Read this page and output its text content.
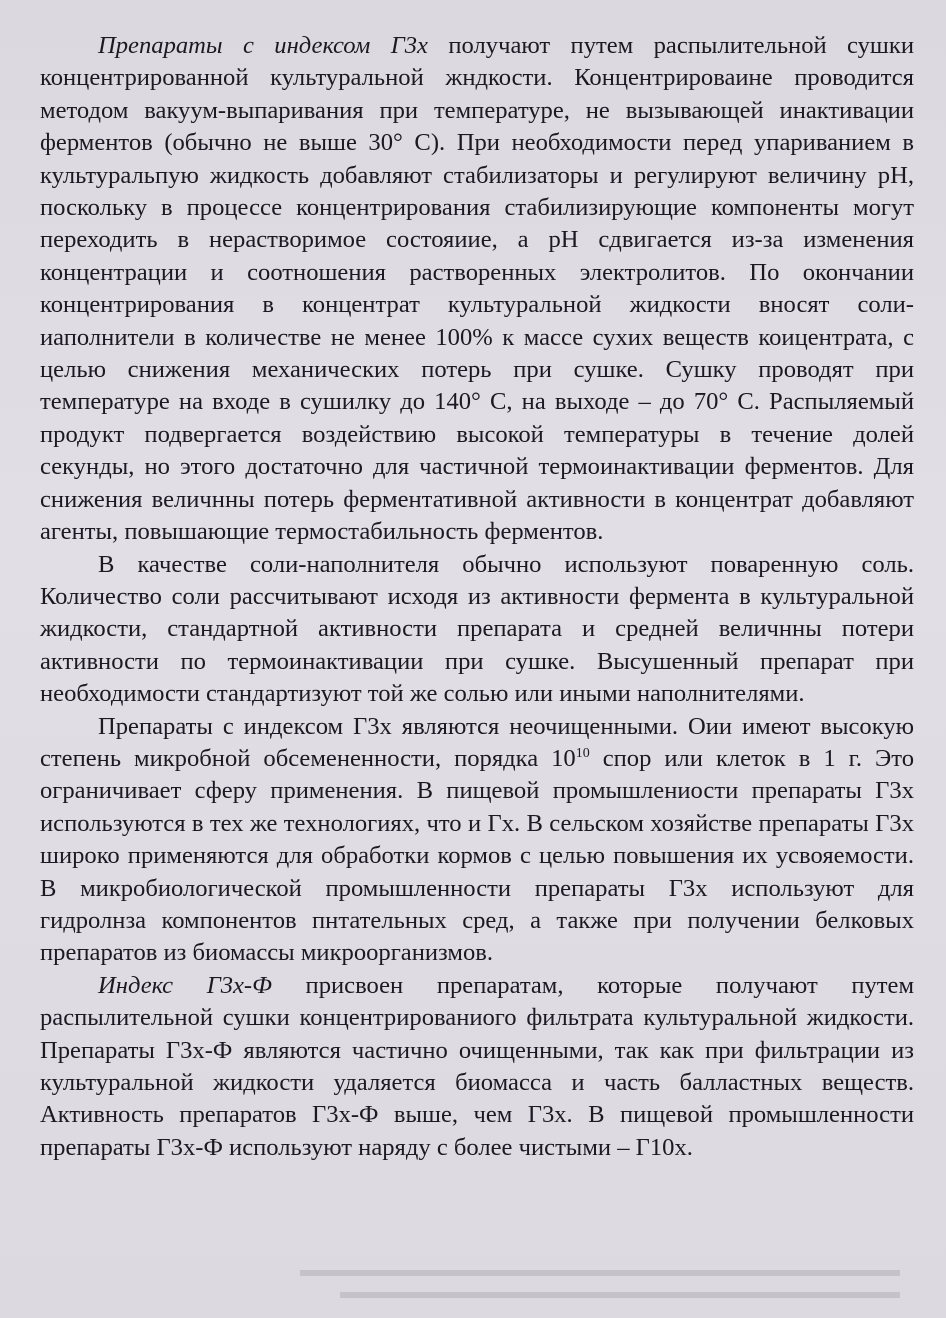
Препараты с индексом Г3х получают путем распылительной сушки концентрированной культуральной жндкости. Концентрироваине проводится методом вакуум-выпаривания при температуре, не вызывающей инактивации ферментов (обычно не выше 30° С). При необходимости перед упариванием в культуральпую жидкость добавляют стабилизаторы и регулируют величину рН, поскольку в процессе концентрирования стабилизирующие компоненты могут переходить в нерастворимое состояиие, а рН сдвигается из-за изменения концентрации и соотношения растворенных электролитов. По окончании концентрирования в концентрат культуральной жидкости вносят соли-иаполнители в количестве не менее 100% к массе сухих веществ коицентрата, с целью снижения механических потерь при сушке. Сушку проводят при температуре на входе в сушилку до 140° С, на выходе – до 70° С. Распыляемый продукт подвергается воздействию высокой температуры в течение долей секунды, но этого достаточно для частичной термоинактивации ферментов. Для снижения величнны потерь ферментативной активности в концентрат добавляют агенты, повышающие термостабильность ферментов.

В качестве соли-наполнителя обычно используют поваренную соль. Количество соли рассчитывают исходя из активности фермента в культуральной жидкости, стандартной активности препарата и средней величнны потери активности по термоинактивации при сушке. Высушенный препарат при необходимости стандартизуют той же солью или иными наполнителями.

Препараты с индексом Г3х являются неочищенными. Оии имеют высокую степень микробной обсемененности, порядка $10^{10}$ спор или клеток в 1 г. Это ограничивает сферу применения. В пищевой промышлениости препараты Г3х используются в тех же технологиях, что и Гх. В сельском хозяйстве препараты Г3х широко применяются для обработки кормов с целью повышения их усвояемости. В микробиологической промышленности препараты Г3х используют для гидролнза компонентов пнтательных сред, а также при получении белковых препаратов из биомассы микроорганизмов.

Индекс Г3х-Ф присвоен препаратам, которые получают путем распылительной сушки концентрированиого фильтрата культуральной жидкости. Препараты Г3х-Ф являются частично очищенными, так как при фильтрации из культуральной жидкости удаляется биомасса и часть балластных веществ. Активность препаратов Г3х-Ф выше, чем Г3х. В пищевой промышленности препараты Г3х-Ф используют наряду с более чистыми – Г10х.
